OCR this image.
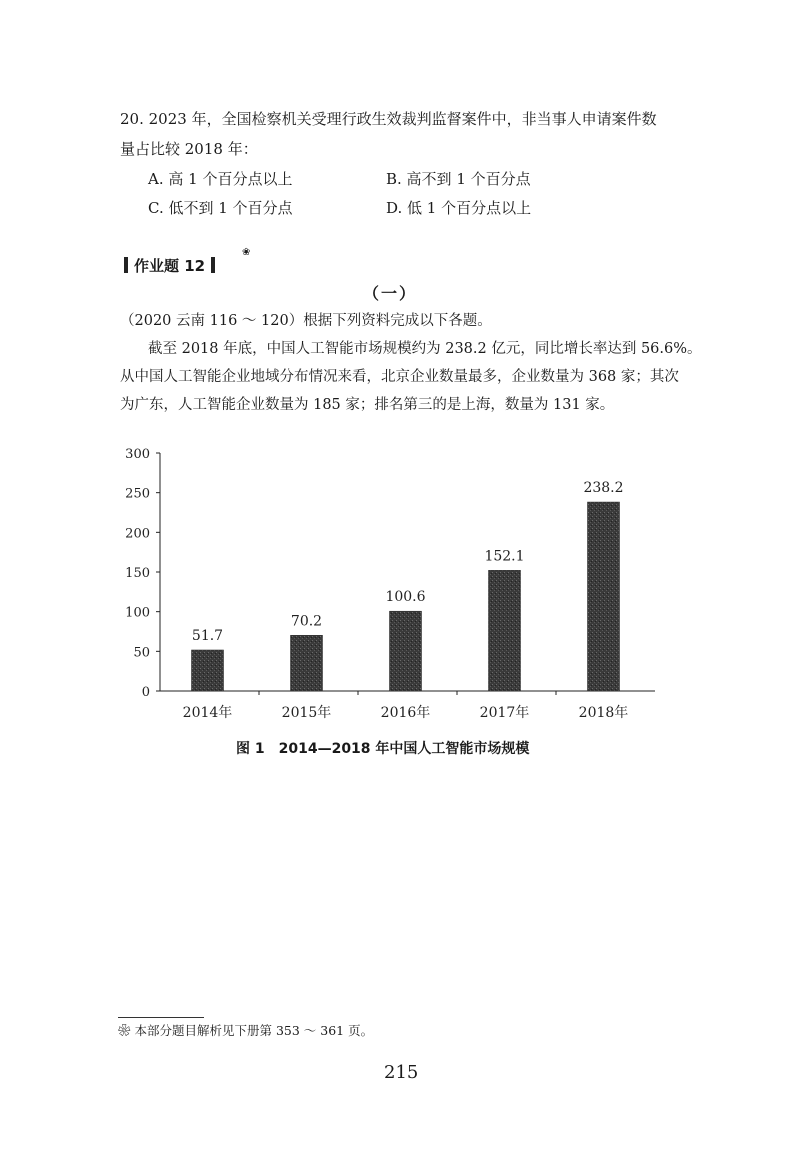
20. 2023 年，全国检察机关受理行政生效裁判监督案件中，非当事人申请案件数
量占比较 2018 年：
A. 高 1 个百分点以上	B. 高不到 1 个百分点
C. 低不到 1 个百分点	D. 低 1 个百分点以上
作业题 12
❀
（一）
（2020 云南 116 ～ 120）根据下列资料完成以下各题。
截至 2018 年底，中国人工智能市场规模约为 238.2 亿元，同比增长率达到 56.6%。
从中国人工智能企业地域分布情况来看，北京企业数量最多，企业数量为 368 家；其次
为广东，人工智能企业数量为 185 家；排名第三的是上海，数量为 131 家。
0
50
100
150
200
250
300
51.7
2014年
70.2
2015年
100.6
2016年
152.1
2017年
238.2
2018年
图 1　2014—2018 年中国人工智能市场规模
❀ 本部分题目解析见下册第 353 ～ 361 页。
215
